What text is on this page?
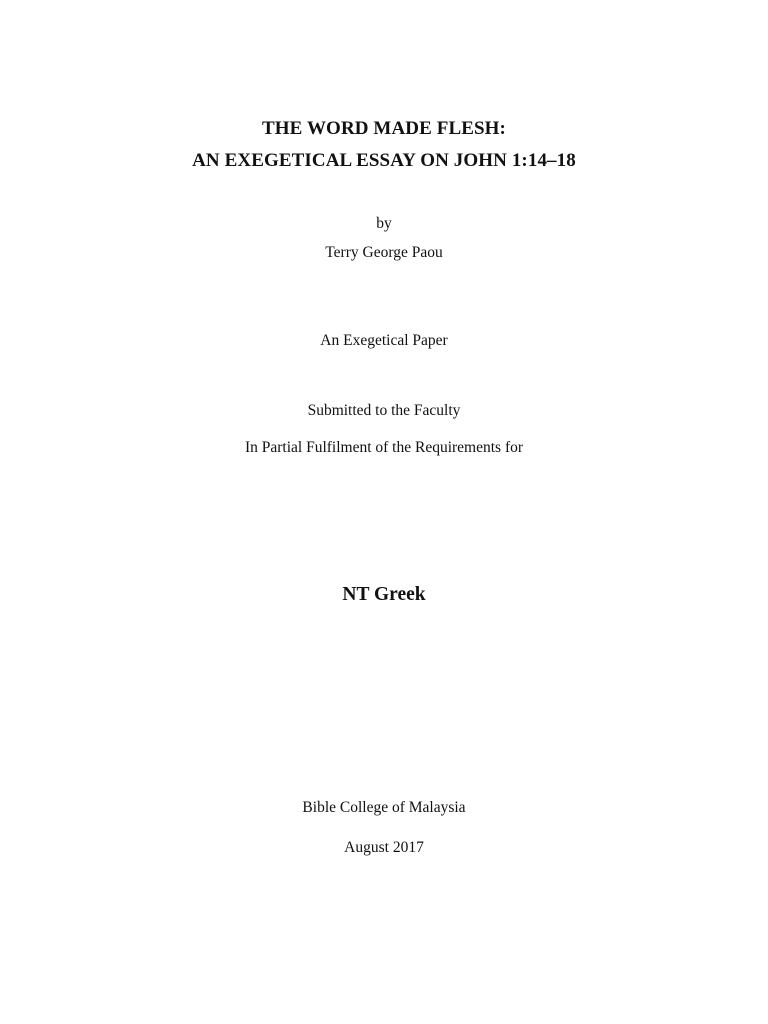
THE WORD MADE FLESH:
AN EXEGETICAL ESSAY ON JOHN 1:14–18
by
Terry George Paou
An Exegetical Paper
Submitted to the Faculty
In Partial Fulfilment of the Requirements for
NT Greek
Bible College of Malaysia
August 2017
